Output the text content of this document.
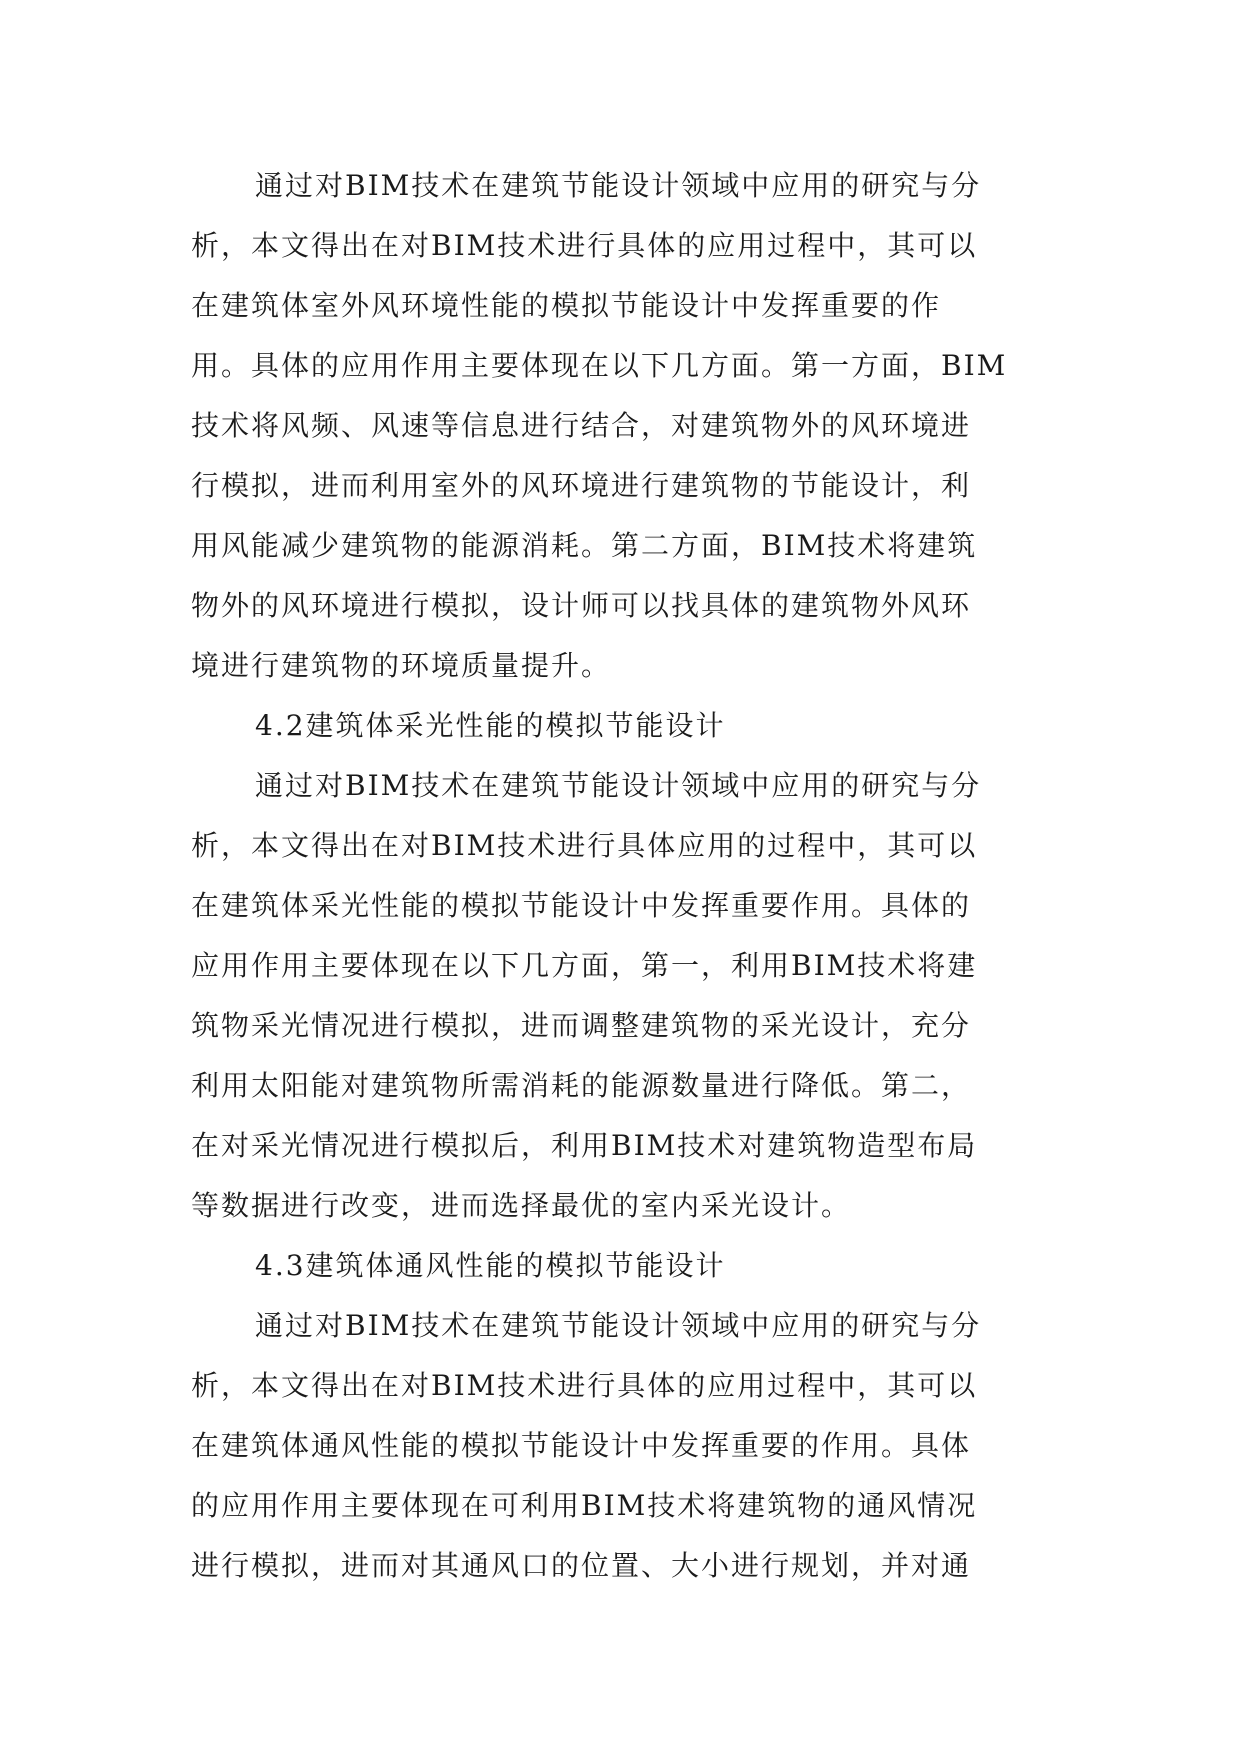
通过对BIM技术在建筑节能设计领域中应用的研究与分
析，本文得出在对BIM技术进行具体的应用过程中，其可以
在建筑体室外风环境性能的模拟节能设计中发挥重要的作
用。具体的应用作用主要体现在以下几方面。第一方面，BIM
技术将风频、风速等信息进行结合，对建筑物外的风环境进
行模拟，进而利用室外的风环境进行建筑物的节能设计，利
用风能减少建筑物的能源消耗。第二方面，BIM技术将建筑
物外的风环境进行模拟，设计师可以找具体的建筑物外风环
境进行建筑物的环境质量提升。
4.2建筑体采光性能的模拟节能设计
通过对BIM技术在建筑节能设计领域中应用的研究与分
析，本文得出在对BIM技术进行具体应用的过程中，其可以
在建筑体采光性能的模拟节能设计中发挥重要作用。具体的
应用作用主要体现在以下几方面，第一，利用BIM技术将建
筑物采光情况进行模拟，进而调整建筑物的采光设计，充分
利用太阳能对建筑物所需消耗的能源数量进行降低。第二，
在对采光情况进行模拟后，利用BIM技术对建筑物造型布局
等数据进行改变，进而选择最优的室内采光设计。
4.3建筑体通风性能的模拟节能设计
通过对BIM技术在建筑节能设计领域中应用的研究与分
析，本文得出在对BIM技术进行具体的应用过程中，其可以
在建筑体通风性能的模拟节能设计中发挥重要的作用。具体
的应用作用主要体现在可利用BIM技术将建筑物的通风情况
进行模拟，进而对其通风口的位置、大小进行规划，并对通
